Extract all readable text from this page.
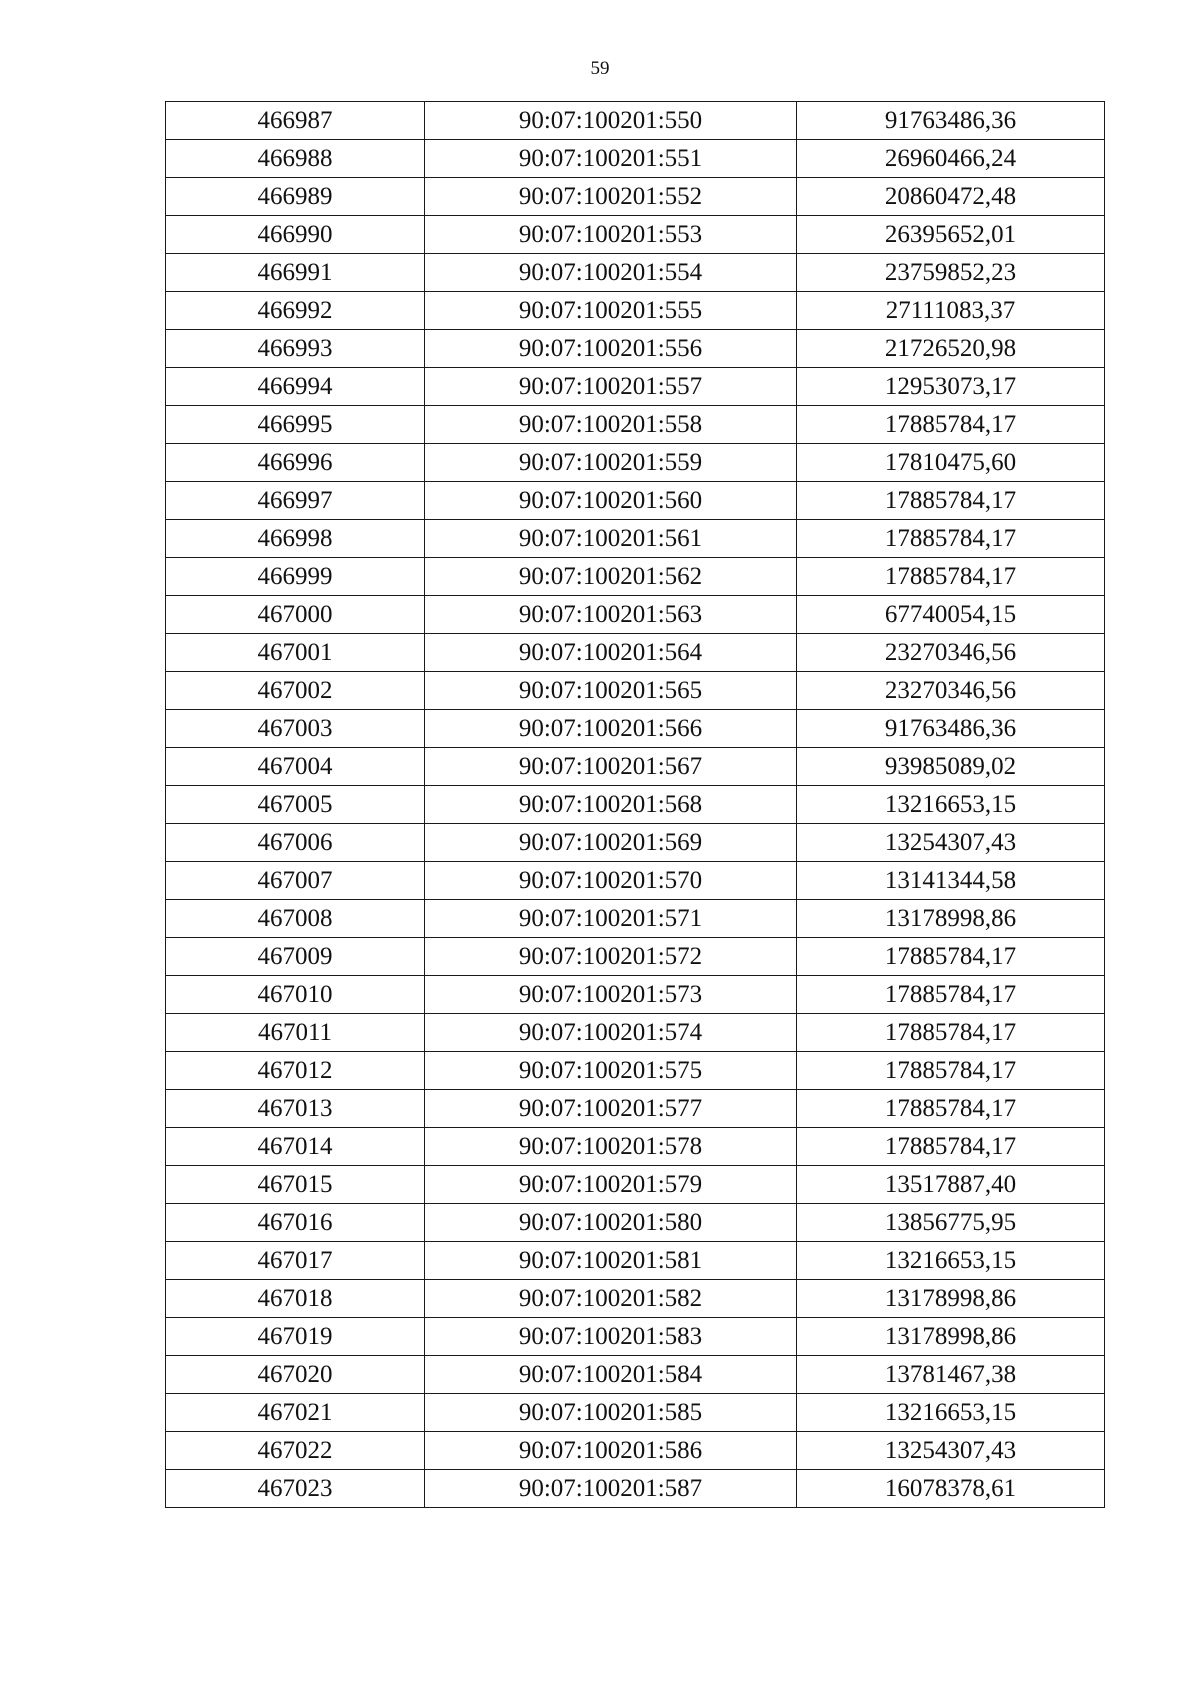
59
466987	90:07:100201:550	91763486,36
466988	90:07:100201:551	26960466,24
466989	90:07:100201:552	20860472,48
466990	90:07:100201:553	26395652,01
466991	90:07:100201:554	23759852,23
466992	90:07:100201:555	27111083,37
466993	90:07:100201:556	21726520,98
466994	90:07:100201:557	12953073,17
466995	90:07:100201:558	17885784,17
466996	90:07:100201:559	17810475,60
466997	90:07:100201:560	17885784,17
466998	90:07:100201:561	17885784,17
466999	90:07:100201:562	17885784,17
467000	90:07:100201:563	67740054,15
467001	90:07:100201:564	23270346,56
467002	90:07:100201:565	23270346,56
467003	90:07:100201:566	91763486,36
467004	90:07:100201:567	93985089,02
467005	90:07:100201:568	13216653,15
467006	90:07:100201:569	13254307,43
467007	90:07:100201:570	13141344,58
467008	90:07:100201:571	13178998,86
467009	90:07:100201:572	17885784,17
467010	90:07:100201:573	17885784,17
467011	90:07:100201:574	17885784,17
467012	90:07:100201:575	17885784,17
467013	90:07:100201:577	17885784,17
467014	90:07:100201:578	17885784,17
467015	90:07:100201:579	13517887,40
467016	90:07:100201:580	13856775,95
467017	90:07:100201:581	13216653,15
467018	90:07:100201:582	13178998,86
467019	90:07:100201:583	13178998,86
467020	90:07:100201:584	13781467,38
467021	90:07:100201:585	13216653,15
467022	90:07:100201:586	13254307,43
467023	90:07:100201:587	16078378,61
